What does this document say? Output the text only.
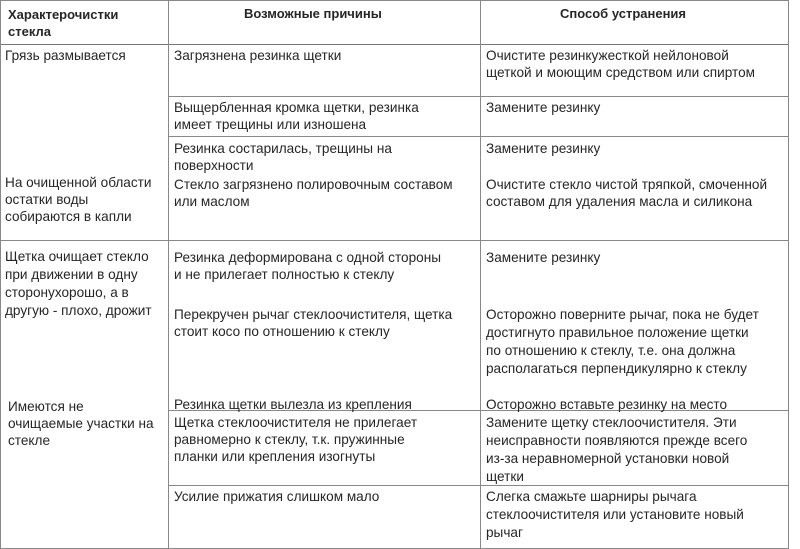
Характерочистки
стекла
Возможные причины	Способ устранения
Грязь размывается
На очищенной области
остатки воды
собираются в капли
Щетка очищает стекло
при движении в одну
сторонухорошо, а в
другую - плохо, дрожит
Имеются не
очищаемые участки на
стекле
Загрязнена резинка щетки
Выщербленная кромка щетки, резинка
имеет трещины или изношена
Резинка состарилась, трещины на
поверхности
Стекло загрязнено полировочным составом
или маслом
Резинка деформирована с одной стороны
и не прилегает полностью к стеклу
Перекручен рычаг стеклоочистителя, щетка
стоит косо по отношению к стеклу
Резинка щетки вылезла из крепления
Щетка стеклоочистителя не прилегает
равномерно к стеклу, т.к. пружинные
планки или крепления изогнуты
Усилие прижатия слишком мало
Очистите резинкужесткой нейлоновой
щеткой и моющим средством или спиртом
Замените резинку
Замените резинку
Очистите стекло чистой тряпкой, смоченной
составом для удаления масла и силикона
Замените резинку
Осторожно поверните рычаг, пока не будет
достигнуто правильное положение щетки
по отношению к стеклу, т.е. она должна
располагаться перпендикулярно к стеклу
Осторожно вставьте резинку на место
Замените щетку стеклоочистителя. Эти
неисправности появляются прежде всего
из-за неравномерной установки новой
щетки
Слегка смажьте шарниры рычага
стеклоочистителя или установите новый
рычаг
